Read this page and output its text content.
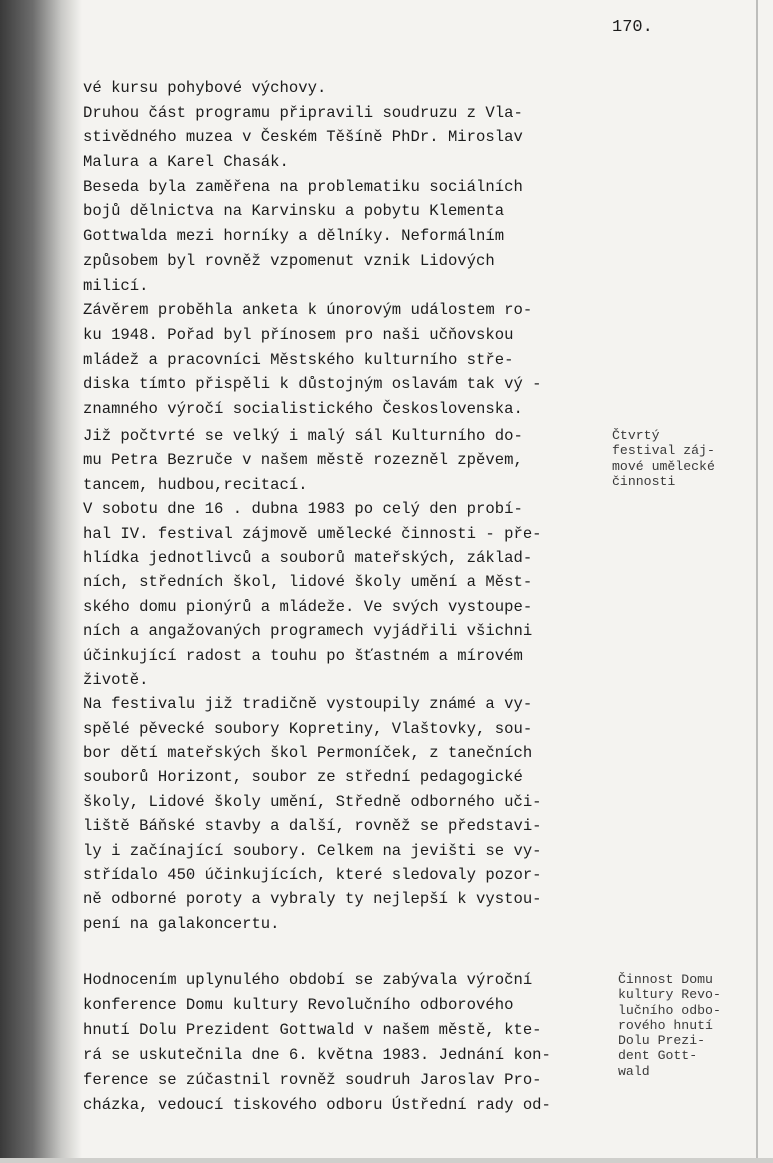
170.
vé kursu pohybové výchovy.
Druhou část programu připravili soudruzu z Vla-
stivědného muzea v Českém Těšíně PhDr. Miroslav
Malura a Karel Chasák.
Beseda byla zaměřena na problematiku sociálních
bojů dělnictva na Karvinsku a pobytu Klementa
Gottwalda mezi horníky a dělníky. Neformálním
způsobem byl rovněž vzpomenut vznik Lidových
milicí.
Závěrem proběhla anketa k únorovým událostem ro-
ku 1948. Pořad byl přínosem pro naši učňovskou
mládež a pracovníci Městského kulturního stře-
diska tímto přispěli k důstojným oslavám tak vý -
znamného výročí socialistického Československa.
Již počtvrté se velký i malý sál Kulturního do-
mu Petra Bezruče v našem městě rozezněl zpěvem,
tancem, hudbou,recitací.
V sobotu dne 16 . dubna 1983 po celý den probí-
hal IV. festival zájmově umělecké činnosti - pře-
hlídka jednotlivců a souborů mateřských, základ-
ních, středních škol, lidové školy umění a Měst-
ského domu pionýrů a mládeže. Ve svých vystoupe-
ních a angažovaných programech vyjádřili všichni
účinkující radost a touhu po šťastném a mírovém
životě.
Na festivalu již tradičně vystoupily známé a vy-
spělé pěvecké soubory Kopretiny, Vlaštovky, sou-
bor dětí mateřských škol Permoníček, z tanečních
souborů Horizont, soubor ze střední pedagogické
školy, Lidové školy umění, Středně odborného uči-
liště Báňské stavby a další, rovněž se představi-
ly i začínající soubory. Celkem na jevišti se vy-
střídalo 450 účinkujících, které sledovaly pozor-
ně odborné poroty a vybraly ty nejlepší k vystou-
pení na galakoncertu.
Hodnocením uplynulého období se zabývala výroční
konference Domu kultury Revolučního odborového
hnutí Dolu Prezident Gottwald v našem městě, kte-
rá se uskutečnila dne 6. května 1983. Jednání kon-
ference se zúčastnil rovněž soudruh Jaroslav Pro-
cházka, vedoucí tiskového odboru Ústřední rady od-
Čtvrtý
festival záj-
mové umělecké
činnosti
Činnost Domu
kultury Revo-
lučního odbo-
rového hnutí
Dolu Prezi-
dent Gott-
wald
